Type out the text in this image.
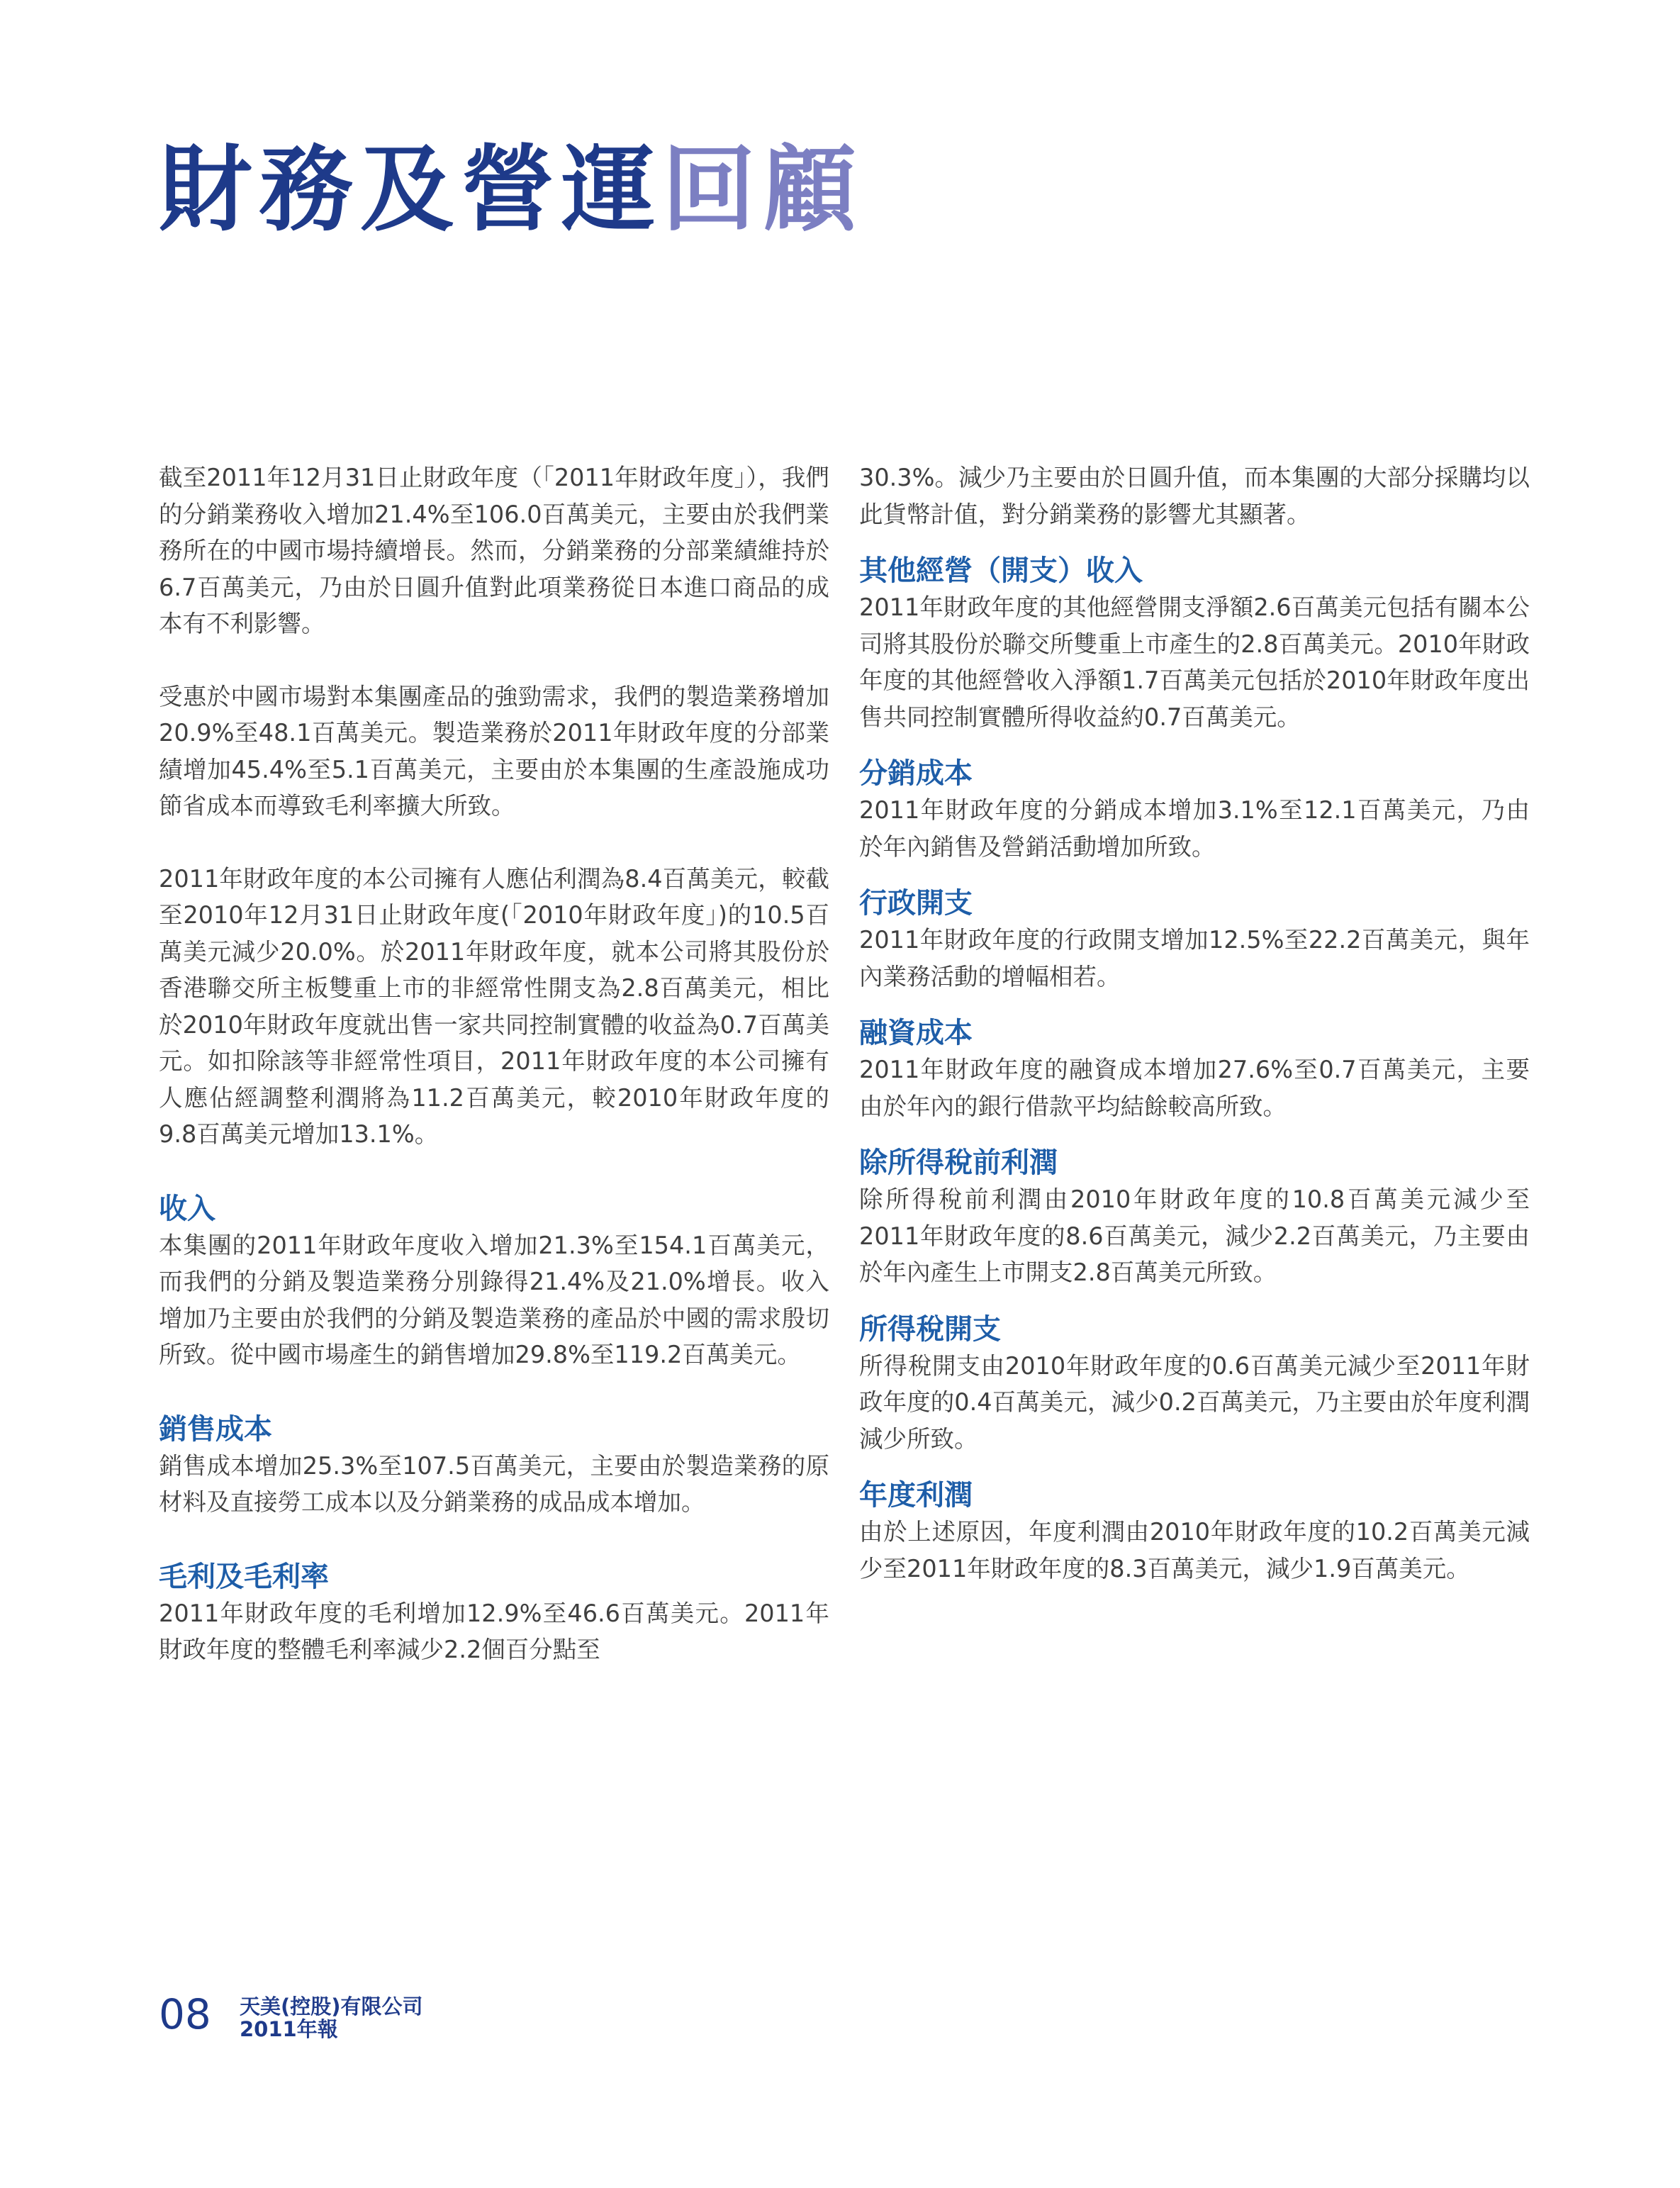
財務及營運回顧

截至2011年12月31日止財政年度（「2011年財政年度」），我們的分銷業務收入增加21.4%至106.0百萬美元，主要由於我們業務所在的中國市場持續增長。然而，分銷業務的分部業績維持於6.7百萬美元，乃由於日圓升值對此項業務從日本進口商品的成本有不利影響。

受惠於中國市場對本集團產品的強勁需求，我們的製造業務增加20.9%至48.1百萬美元。製造業務於2011年財政年度的分部業績增加45.4%至5.1百萬美元，主要由於本集團的生產設施成功節省成本而導致毛利率擴大所致。

2011年財政年度的本公司擁有人應佔利潤為8.4百萬美元，較截至2010年12月31日止財政年度(「2010年財政年度」)的10.5百萬美元減少20.0%。於2011年財政年度，就本公司將其股份於香港聯交所主板雙重上市的非經常性開支為2.8百萬美元，相比於2010年財政年度就出售一家共同控制實體的收益為0.7百萬美元。如扣除該等非經常性項目，2011年財政年度的本公司擁有人應佔經調整利潤將為11.2百萬美元，較2010年財政年度的9.8百萬美元增加13.1%。

收入

本集團的2011年財政年度收入增加21.3%至154.1百萬美元，而我們的分銷及製造業務分別錄得21.4%及21.0%增長。收入增加乃主要由於我們的分銷及製造業務的產品於中國的需求殷切所致。從中國市場產生的銷售增加29.8%至119.2百萬美元。

銷售成本

銷售成本增加25.3%至107.5百萬美元，主要由於製造業務的原材料及直接勞工成本以及分銷業務的成品成本增加。

毛利及毛利率

2011年財政年度的毛利增加12.9%至46.6百萬美元。2011年財政年度的整體毛利率減少2.2個百分點至

30.3%。減少乃主要由於日圓升值，而本集團的大部分採購均以此貨幣計值，對分銷業務的影響尤其顯著。

其他經營（開支）收入

2011年財政年度的其他經營開支淨額2.6百萬美元包括有關本公司將其股份於聯交所雙重上市產生的2.8百萬美元。2010年財政年度的其他經營收入淨額1.7百萬美元包括於2010年財政年度出售共同控制實體所得收益約0.7百萬美元。

分銷成本

2011年財政年度的分銷成本增加3.1%至12.1百萬美元，乃由於年內銷售及營銷活動增加所致。

行政開支

2011年財政年度的行政開支增加12.5%至22.2百萬美元，與年內業務活動的增幅相若。

融資成本

2011年財政年度的融資成本增加27.6%至0.7百萬美元，主要由於年內的銀行借款平均結餘較高所致。

除所得稅前利潤

除所得稅前利潤由2010年財政年度的10.8百萬美元減少至2011年財政年度的8.6百萬美元，減少2.2百萬美元，乃主要由於年內產生上市開支2.8百萬美元所致。

所得稅開支

所得稅開支由2010年財政年度的0.6百萬美元減少至2011年財政年度的0.4百萬美元，減少0.2百萬美元，乃主要由於年度利潤減少所致。

年度利潤

由於上述原因，年度利潤由2010年財政年度的10.2百萬美元減少至2011年財政年度的8.3百萬美元，減少1.9百萬美元。

08 天美(控股)有限公司
2011年報
